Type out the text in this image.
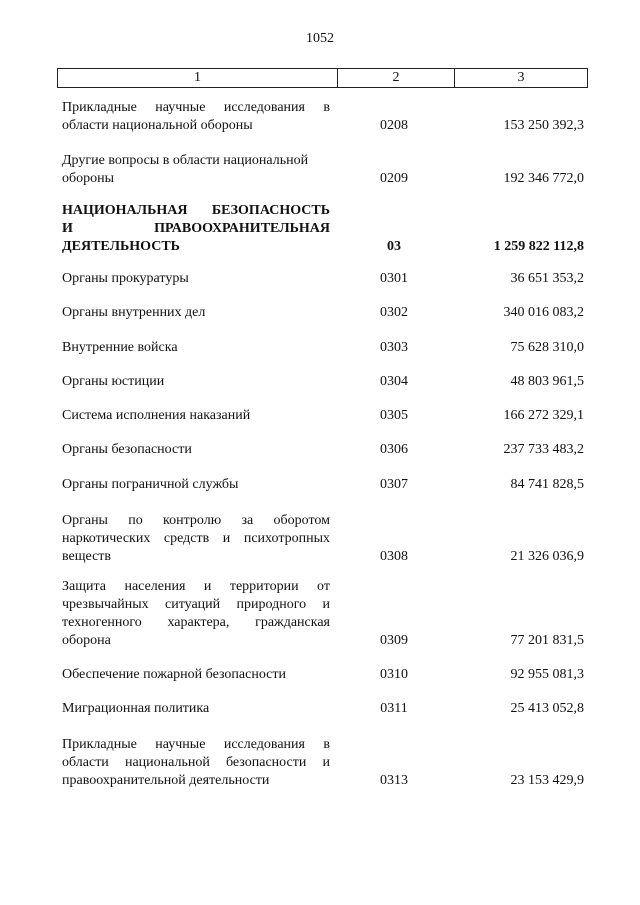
1052
1	2	3
Прикладные научные исследования в
области национальной обороны	0208	153 250 392,3
Другие вопросы в области национальной
обороны	0209	192 346 772,0
НАЦИОНАЛЬНАЯ БЕЗОПАСНОСТЬ
И ПРАВООХРАНИТЕЛЬНАЯ
ДЕЯТЕЛЬНОСТЬ	03	1 259 822 112,8
Органы прокуратуры	0301	36 651 353,2
Органы внутренних дел	0302	340 016 083,2
Внутренние войска	0303	75 628 310,0
Органы юстиции	0304	48 803 961,5
Система исполнения наказаний	0305	166 272 329,1
Органы безопасности	0306	237 733 483,2
Органы пограничной службы	0307	84 741 828,5
Органы по контролю за оборотом
наркотических средств и психотропных
веществ	0308	21 326 036,9
Защита населения и территории от
чрезвычайных ситуаций природного и
техногенного характера, гражданская
оборона	0309	77 201 831,5
Обеспечение пожарной безопасности	0310	92 955 081,3
Миграционная политика	0311	25 413 052,8
Прикладные научные исследования в
области национальной безопасности и
правоохранительной деятельности	0313	23 153 429,9
